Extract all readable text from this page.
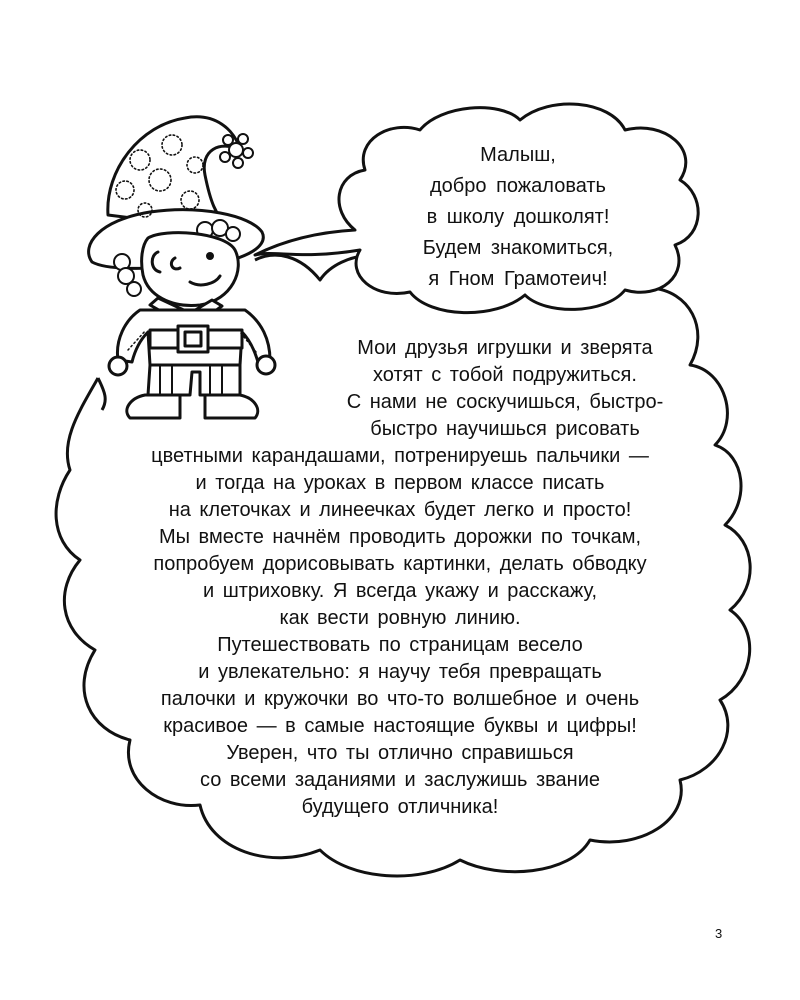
Малыш,
добро пожаловать
в школу дошколят!
Будем знакомиться,
я Гном Грамотеич!
Мои друзья игрушки и зверята
хотят с тобой подружиться.
С нами не соскучишься, быстро-
быстро научишься рисовать
цветными карандашами, потренируешь пальчики —
и тогда на уроках в первом классе писать
на клеточках и линеечках будет легко и просто!
Мы вместе начнём проводить дорожки по точкам,
попробуем дорисовывать картинки, делать обводку
и штриховку. Я всегда укажу и расскажу,
как вести ровную линию.
Путешествовать по страницам весело
и увлекательно: я научу тебя превращать
палочки и кружочки во что-то волшебное и очень
красивое — в самые настоящие буквы и цифры!
Уверен, что ты отлично справишься
со всеми заданиями и заслужишь звание
будущего отличника!
3
